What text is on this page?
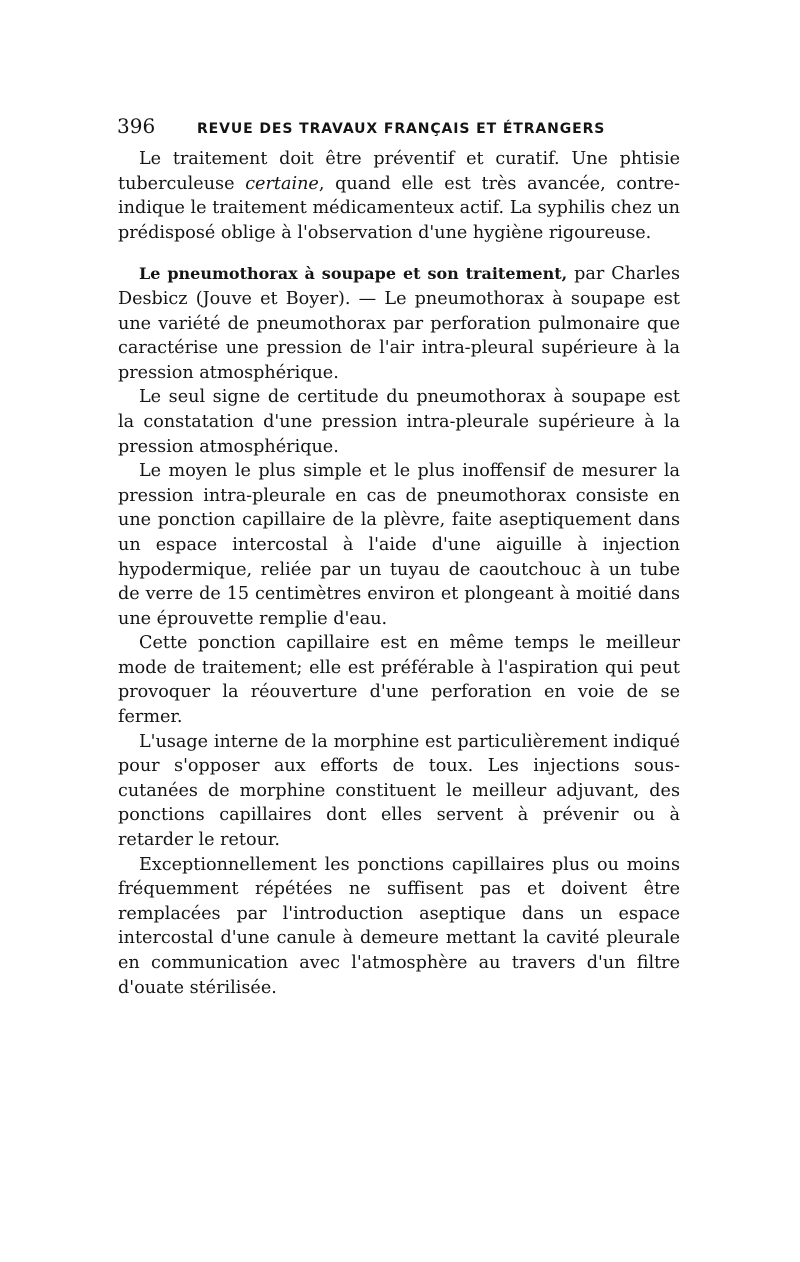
396	REVUE DES TRAVAUX FRANÇAIS ET ÉTRANGERS

Le traitement doit être préventif et curatif. Une phtisie tuberculeuse certaine, quand elle est très avancée, contre-indique le traitement médicamenteux actif. La syphilis chez un prédisposé oblige à l'observation d'une hygiène rigoureuse.

Le pneumothorax à soupape et son traitement, par Charles Desbicz (Jouve et Boyer). — Le pneumothorax à soupape est une variété de pneumothorax par perforation pulmonaire que caractérise une pression de l'air intra-pleural supérieure à la pression atmosphérique.

Le seul signe de certitude du pneumothorax à soupape est la constatation d'une pression intra-pleurale supérieure à la pression atmosphérique.

Le moyen le plus simple et le plus inoffensif de mesurer la pression intra-pleurale en cas de pneumothorax consiste en une ponction capillaire de la plèvre, faite aseptiquement dans un espace intercostal à l'aide d'une aiguille à injection hypodermique, reliée par un tuyau de caoutchouc à un tube de verre de 15 centimètres environ et plongeant à moitié dans une éprouvette remplie d'eau.

Cette ponction capillaire est en même temps le meilleur mode de traitement; elle est préférable à l'aspiration qui peut provoquer la réouverture d'une perforation en voie de se fermer.

L'usage interne de la morphine est particulièrement indiqué pour s'opposer aux efforts de toux. Les injections sous-cutanées de morphine constituent le meilleur adjuvant, des ponctions capillaires dont elles servent à prévenir ou à retarder le retour.

Exceptionnellement les ponctions capillaires plus ou moins fréquemment répétées ne suffisent pas et doivent être remplacées par l'introduction aseptique dans un espace intercostal d'une canule à demeure mettant la cavité pleurale en communication avec l'atmosphère au travers d'un filtre d'ouate stérilisée.
